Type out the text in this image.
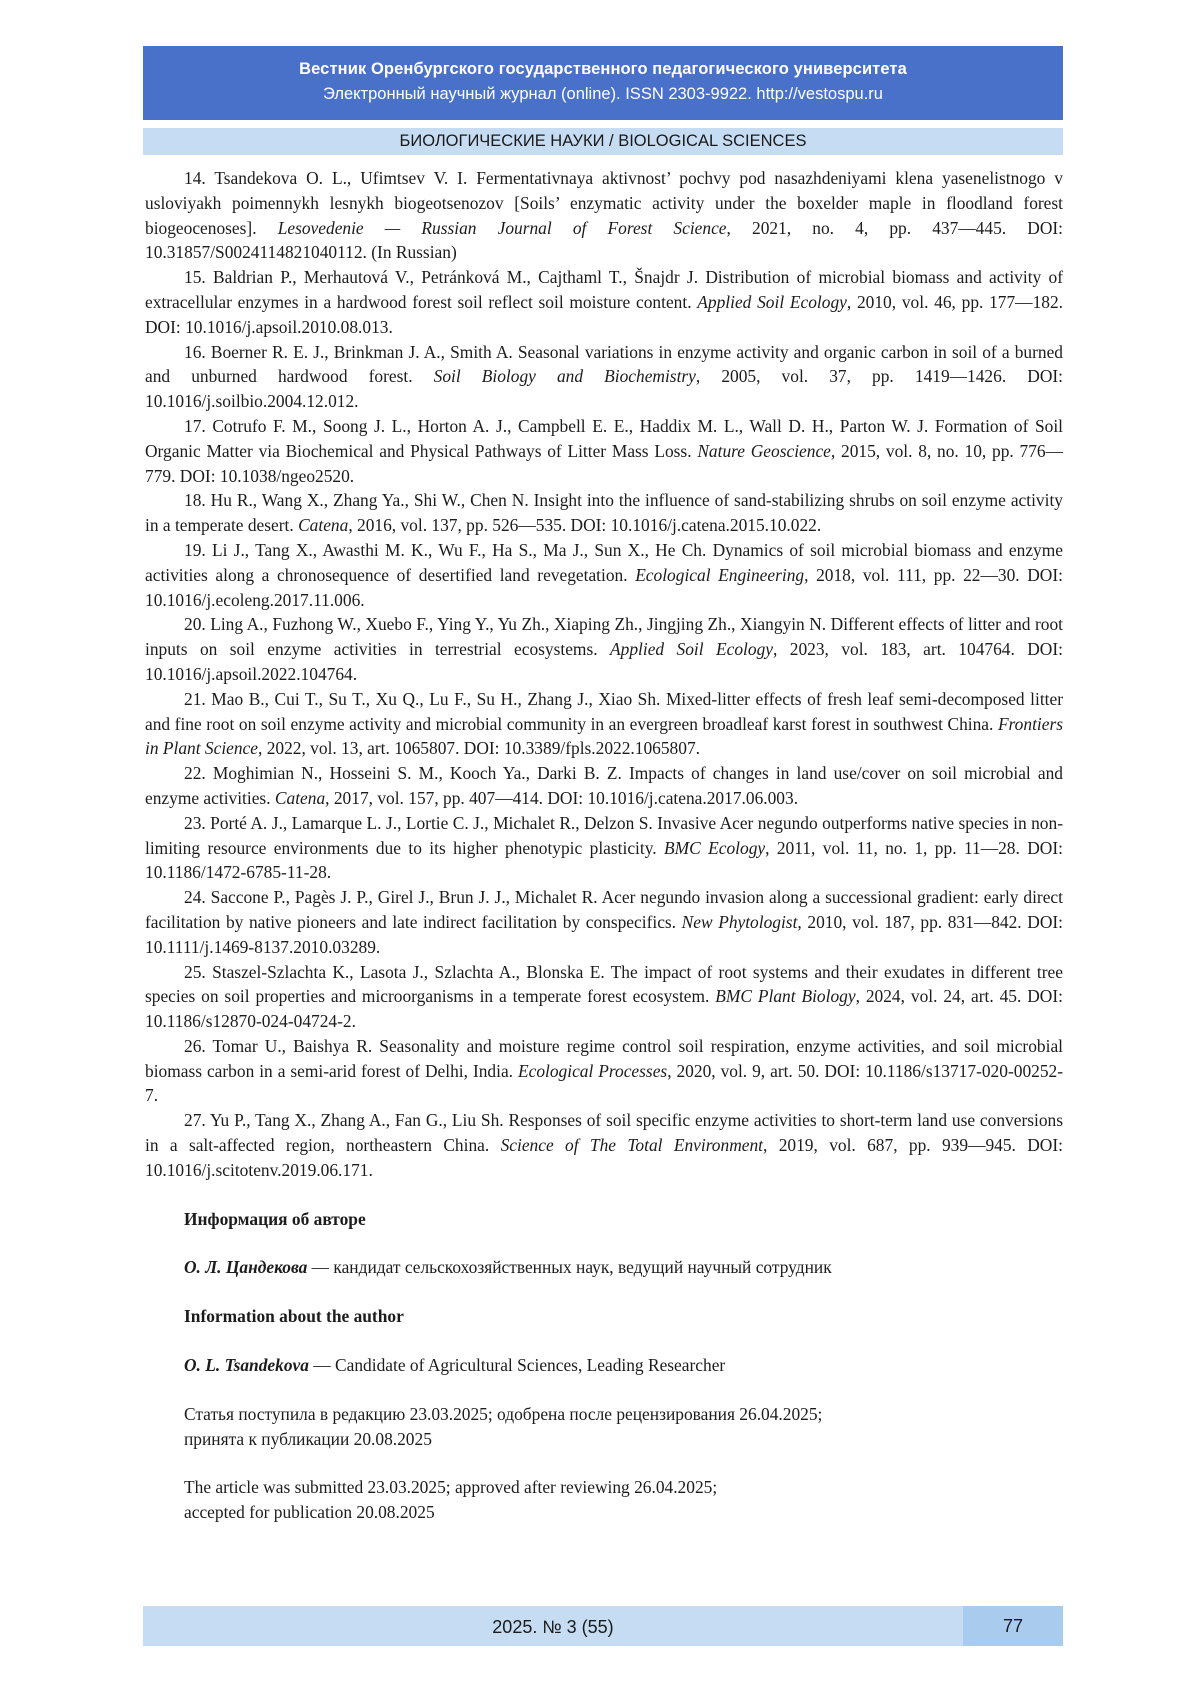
Вестник Оренбургского государственного педагогического университета
Электронный научный журнал (online). ISSN 2303-9922. http://vestospu.ru
БИОЛОГИЧЕСКИЕ НАУКИ / BIOLOGICAL SCIENCES

14. Tsandekova O. L., Ufimtsev V. I. Fermentativnaya aktivnost’ pochvy pod nasazhdeniyami klena yasenelistnogo v usloviyakh poimennykh lesnykh biogeotsenozov [Soils’ enzymatic activity under the boxelder maple in floodland forest biogeocenoses]. Lesovedenie — Russian Journal of Forest Science, 2021, no. 4, pp. 437—445. DOI: 10.31857/S0024114821040112. (In Russian)

15. Baldrian P., Merhautová V., Petránková M., Cajthaml T., Šnajdr J. Distribution of microbial biomass and activity of extracellular enzymes in a hardwood forest soil reflect soil moisture content. Applied Soil Ecology, 2010, vol. 46, pp. 177—182. DOI: 10.1016/j.apsoil.2010.08.013.

16. Boerner R. E. J., Brinkman J. A., Smith A. Seasonal variations in enzyme activity and organic carbon in soil of a burned and unburned hardwood forest. Soil Biology and Biochemistry, 2005, vol. 37, pp. 1419—1426. DOI: 10.1016/j.soilbio.2004.12.012.

17. Cotrufo F. M., Soong J. L., Horton A. J., Campbell E. E., Haddix M. L., Wall D. H., Parton W. J. Formation of Soil Organic Matter via Biochemical and Physical Pathways of Litter Mass Loss. Nature Geoscience, 2015, vol. 8, no. 10, pp. 776—779. DOI: 10.1038/ngeo2520.

18. Hu R., Wang X., Zhang Ya., Shi W., Chen N. Insight into the influence of sand-stabilizing shrubs on soil enzyme activity in a temperate desert. Catena, 2016, vol. 137, pp. 526—535. DOI: 10.1016/j.catena.2015.10.022.

19. Li J., Tang X., Awasthi M. K., Wu F., Ha S., Ma J., Sun X., He Ch. Dynamics of soil microbial biomass and enzyme activities along a chronosequence of desertified land revegetation. Ecological Engineering, 2018, vol. 111, pp. 22—30. DOI: 10.1016/j.ecoleng.2017.11.006.

20. Ling A., Fuzhong W., Xuebo F., Ying Y., Yu Zh., Xiaping Zh., Jingjing Zh., Xiangyin N. Different effects of litter and root inputs on soil enzyme activities in terrestrial ecosystems. Applied Soil Ecology, 2023, vol. 183, art. 104764. DOI: 10.1016/j.apsoil.2022.104764.

21. Mao B., Cui T., Su T., Xu Q., Lu F., Su H., Zhang J., Xiao Sh. Mixed-litter effects of fresh leaf semi-decomposed litter and fine root on soil enzyme activity and microbial community in an evergreen broadleaf karst forest in southwest China. Frontiers in Plant Science, 2022, vol. 13, art. 1065807. DOI: 10.3389/fpls.2022.1065807.

22. Moghimian N., Hosseini S. M., Kooch Ya., Darki B. Z. Impacts of changes in land use/cover on soil microbial and enzyme activities. Catena, 2017, vol. 157, pp. 407—414. DOI: 10.1016/j.catena.2017.06.003.

23. Porté A. J., Lamarque L. J., Lortie C. J., Michalet R., Delzon S. Invasive Acer negundo outperforms native species in non-limiting resource environments due to its higher phenotypic plasticity. BMC Ecology, 2011, vol. 11, no. 1, pp. 11—28. DOI: 10.1186/1472-6785-11-28.

24. Saccone P., Pagès J. P., Girel J., Brun J. J., Michalet R. Acer negundo invasion along a successional gradient: early direct facilitation by native pioneers and late indirect facilitation by conspecifics. New Phytologist, 2010, vol. 187, pp. 831—842. DOI: 10.1111/j.1469-8137.2010.03289.

25. Staszel-Szlachta K., Lasota J., Szlachta A., Blonska E. The impact of root systems and their exudates in different tree species on soil properties and microorganisms in a temperate forest ecosystem. BMC Plant Biology, 2024, vol. 24, art. 45. DOI: 10.1186/s12870-024-04724-2.

26. Tomar U., Baishya R. Seasonality and moisture regime control soil respiration, enzyme activities, and soil microbial biomass carbon in a semi-arid forest of Delhi, India. Ecological Processes, 2020, vol. 9, art. 50. DOI: 10.1186/s13717-020-00252-7.

27. Yu P., Tang X., Zhang A., Fan G., Liu Sh. Responses of soil specific enzyme activities to short-term land use conversions in a salt-affected region, northeastern China. Science of The Total Environment, 2019, vol. 687, pp. 939—945. DOI: 10.1016/j.scitotenv.2019.06.171.

Информация об авторе

О. Л. Цандекова — кандидат сельскохозяйственных наук, ведущий научный сотрудник

Information about the author

O. L. Tsandekova — Candidate of Agricultural Sciences, Leading Researcher

Статья поступила в редакцию 23.03.2025; одобрена после рецензирования 26.04.2025;
принята к публикации 20.08.2025

The article was submitted 23.03.2025; approved after reviewing 26.04.2025;
accepted for publication 20.08.2025

2025. № 3 (55)	77
